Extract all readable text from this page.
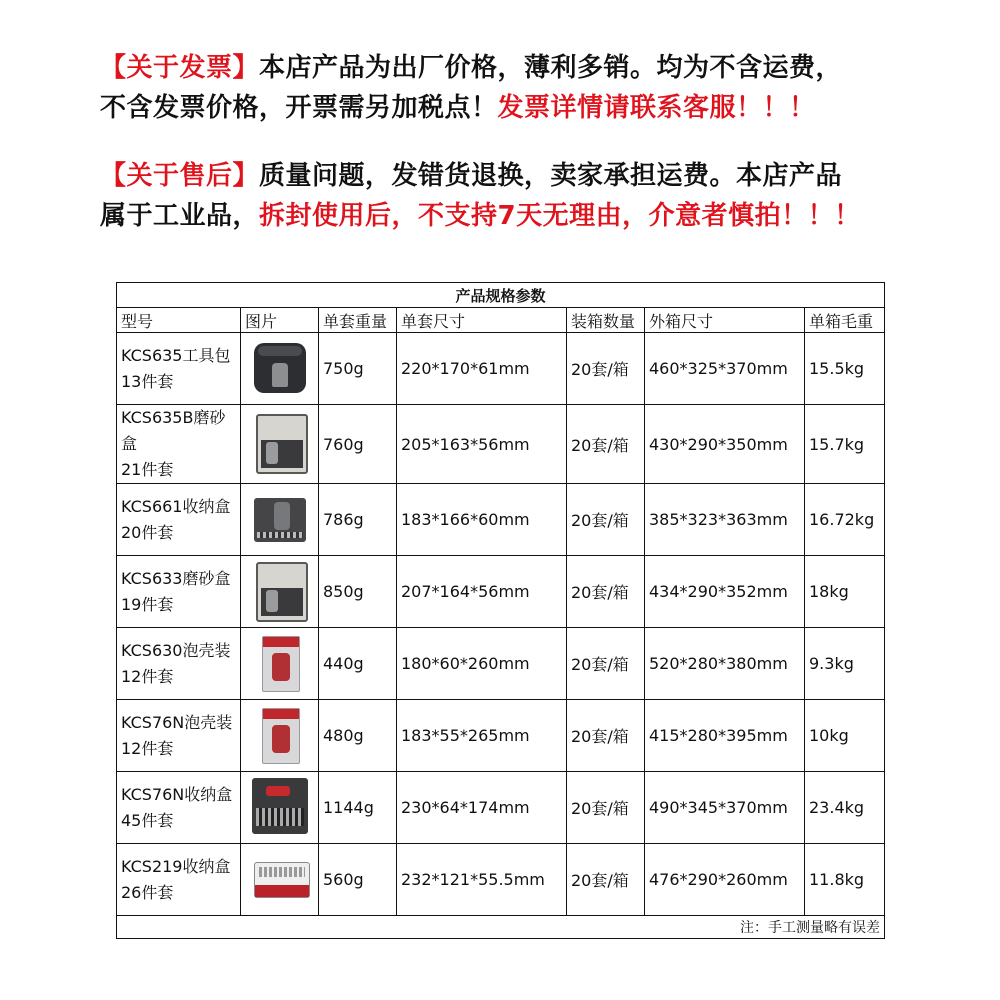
【关于发票】本店产品为出厂价格，薄利多销。均为不含运费，
不含发票价格，开票需另加税点！发票详情请联系客服！！！
【关于售后】质量问题，发错货退换，卖家承担运费。本店产品
属于工业品，拆封使用后，不支持7天无理由，介意者慎拍！！！
产品规格参数						
型号	图片	单套重量	单套尺寸	装箱数量	外箱尺寸	单箱毛重
KCS635工具包
13件套		750g	220*170*61mm	20套/箱	460*325*370mm	15.5kg
KCS635B磨砂盒
21件套		760g	205*163*56mm	20套/箱	430*290*350mm	15.7kg
KCS661收纳盒
20件套		786g	183*166*60mm	20套/箱	385*323*363mm	16.72kg
KCS633磨砂盒
19件套		850g	207*164*56mm	20套/箱	434*290*352mm	18kg
KCS630泡壳装
12件套		440g	180*60*260mm	20套/箱	520*280*380mm	9.3kg
KCS76N泡壳装
12件套		480g	183*55*265mm	20套/箱	415*280*395mm	10kg
KCS76N收纳盒
45件套		1144g	230*64*174mm	20套/箱	490*345*370mm	23.4kg
KCS219收纳盒
26件套		560g	232*121*55.5mm	20套/箱	476*290*260mm	11.8kg
注：手工测量略有误差						
